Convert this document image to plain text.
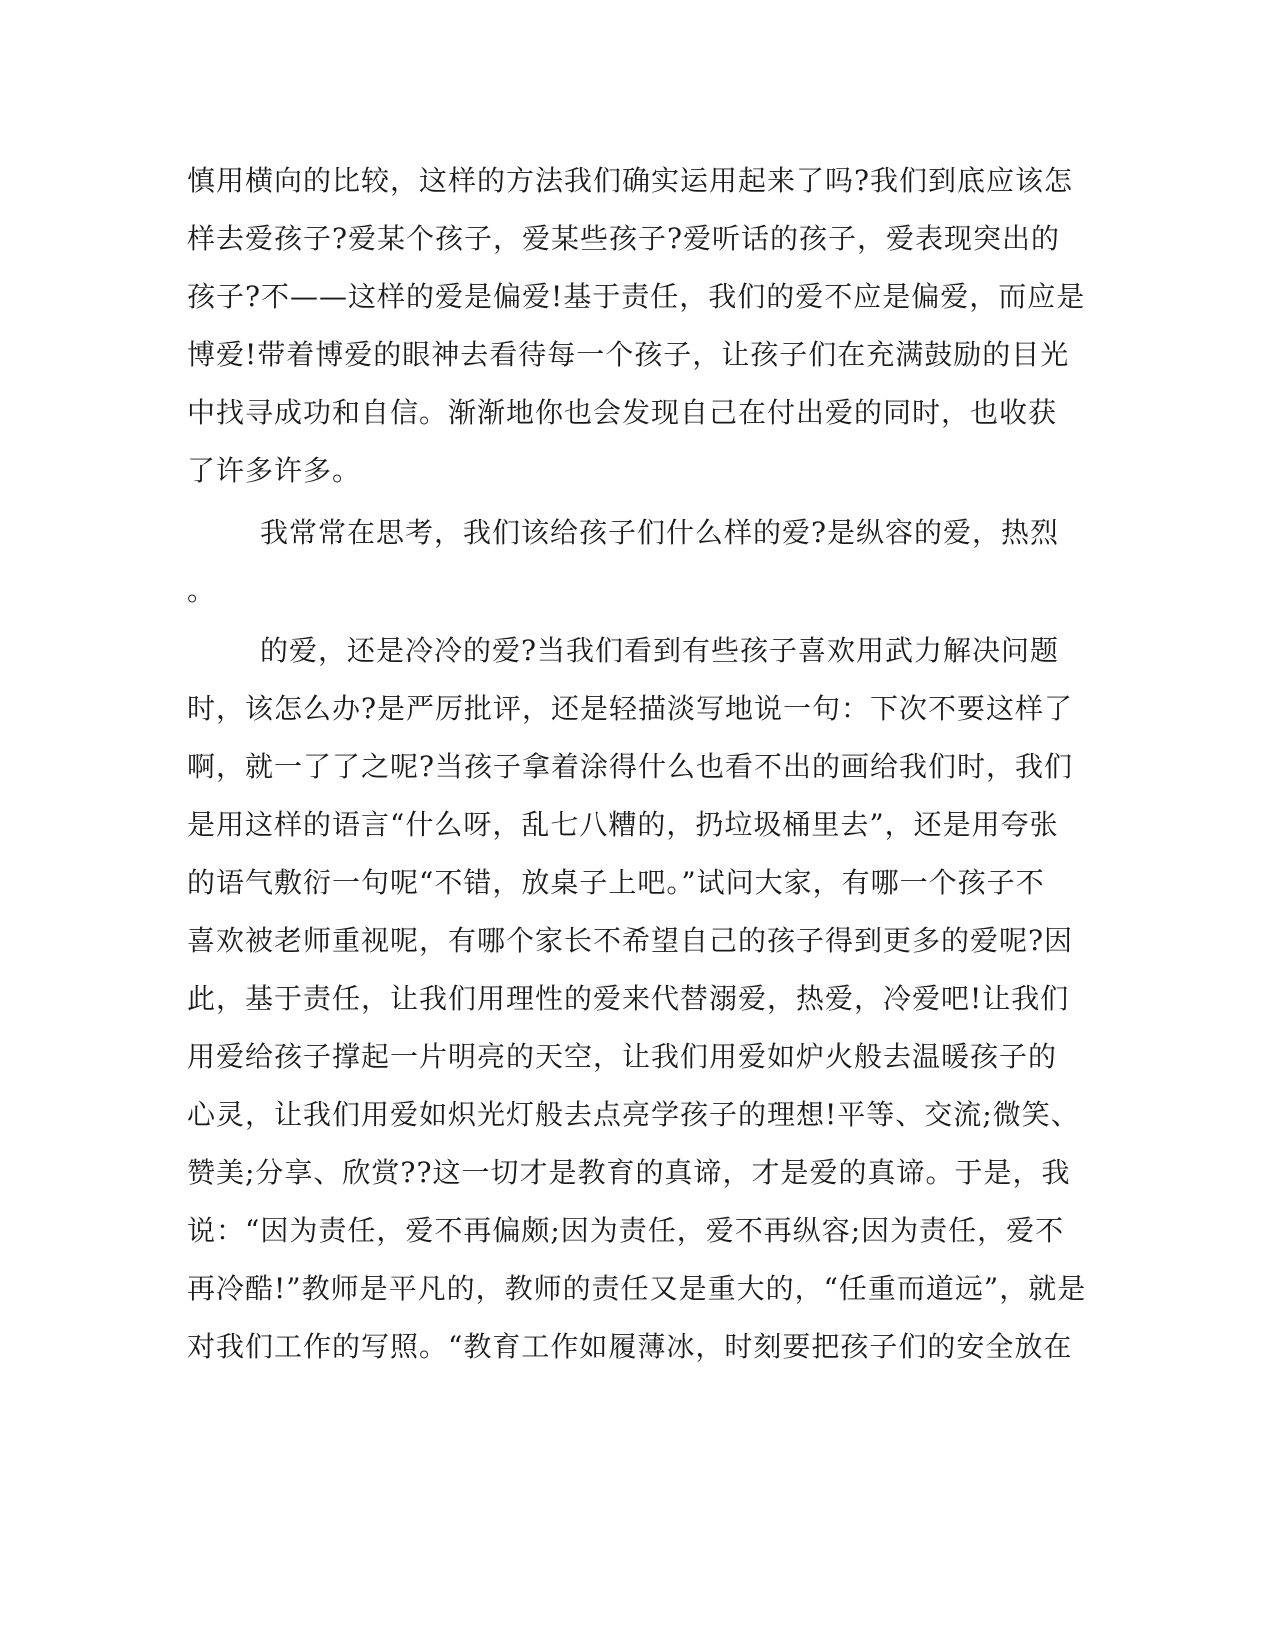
慎用横向的比较，这样的方法我们确实运用起来了吗?我们到底应该怎
样去爱孩子?爱某个孩子，爱某些孩子?爱听话的孩子，爱表现突出的
孩子?不——这样的爱是偏爱!基于责任，我们的爱不应是偏爱，而应是
博爱!带着博爱的眼神去看待每一个孩子，让孩子们在充满鼓励的目光
中找寻成功和自信。渐渐地你也会发现自己在付出爱的同时，也收获
了许多许多。
我常常在思考，我们该给孩子们什么样的爱?是纵容的爱，热烈
。
的爱，还是冷冷的爱?当我们看到有些孩子喜欢用武力解决问题
时，该怎么办?是严厉批评，还是轻描淡写地说一句：下次不要这样了
啊，就一了了之呢?当孩子拿着涂得什么也看不出的画给我们时，我们
是用这样的语言“什么呀，乱七八糟的，扔垃圾桶里去”，还是用夸张
的语气敷衍一句呢“不错，放桌子上吧。”试问大家，有哪一个孩子不
喜欢被老师重视呢，有哪个家长不希望自己的孩子得到更多的爱呢?因
此，基于责任，让我们用理性的爱来代替溺爱，热爱，冷爱吧!让我们
用爱给孩子撑起一片明亮的天空，让我们用爱如炉火般去温暖孩子的
心灵，让我们用爱如炽光灯般去点亮学孩子的理想!平等、交流;微笑、
赞美;分享、欣赏??这一切才是教育的真谛，才是爱的真谛。于是，我
说：“因为责任，爱不再偏颇;因为责任，爱不再纵容;因为责任，爱不
再冷酷!”教师是平凡的，教师的责任又是重大的，“任重而道远”，就是
对我们工作的写照。“教育工作如履薄冰，时刻要把孩子们的安全放在
